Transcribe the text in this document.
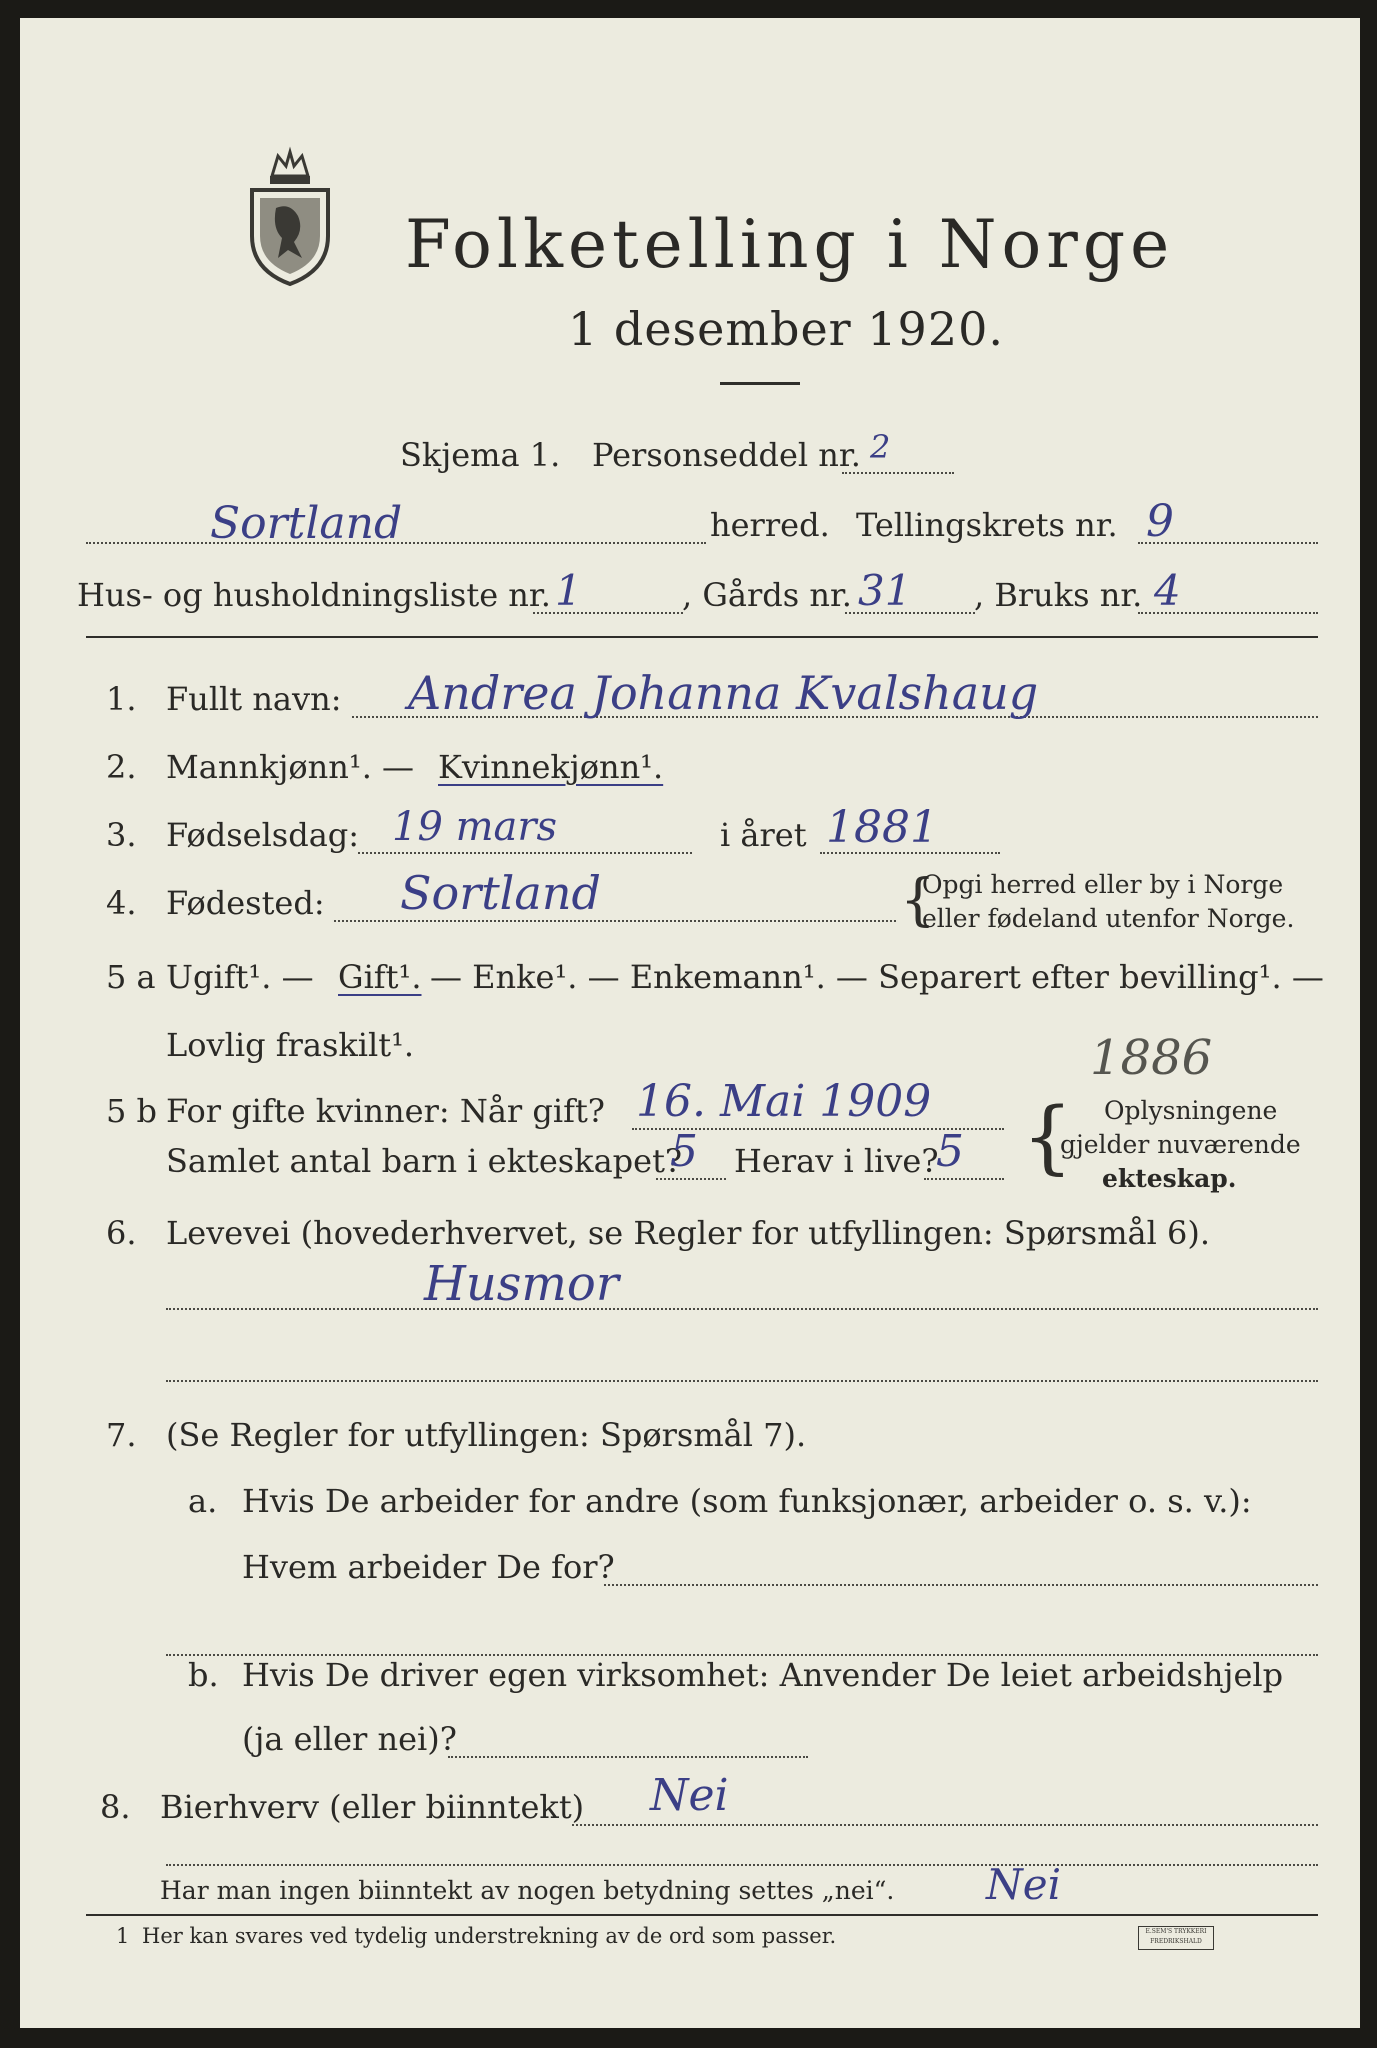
Folketelling i Norge
1 desember 1920.
Skjema 1. Personseddel nr. 2
Sortland	herred. Tellingskrets nr. 9
Hus- og husholdningsliste nr. 1	, Gårds nr. 31 , Bruks nr. 4
1. Fullt navn: Andrea Johanna Kvalshaug
2. Mannkjønn¹. — Kvinnekjønn¹.
3. Fødselsdag: 19 mars	i året 1881
4. Fødested: Sortland	{
Opgi herred eller by i Norge
eller fødeland utenfor Norge.
5 a Ugift¹. — Gift¹. — Enke¹. — Enkemann¹. — Separert efter bevilling¹. —
Lovlig fraskilt¹.
5 b For gifte kvinner: Når gift? 16. Mai 1909
1886
Samlet antal barn i ekteskapet?
5 Herav i live?
5 { Oplysningene
gjelder nuværende
ekteskap.
6. Levevei (hovederhvervet, se Regler for utfyllingen: Spørsmål 6).
Husmor
7. (Se Regler for utfyllingen: Spørsmål 7).
a. Hvis De arbeider for andre (som funksjonær, arbeider o. s. v.):
Hvem arbeider De for?
b. Hvis De driver egen virksomhet: Anvender De leiet arbeidshjelp
(ja eller nei)?
8. Bierhverv (eller biinntekt) Nei
Har man ingen biinntekt av nogen betydning settes „nei“. Nei
1 Her kan svares ved tydelig understrekning av de ord som passer.	E.SEM'S TRYKKERI
FREDRIKSHALD
